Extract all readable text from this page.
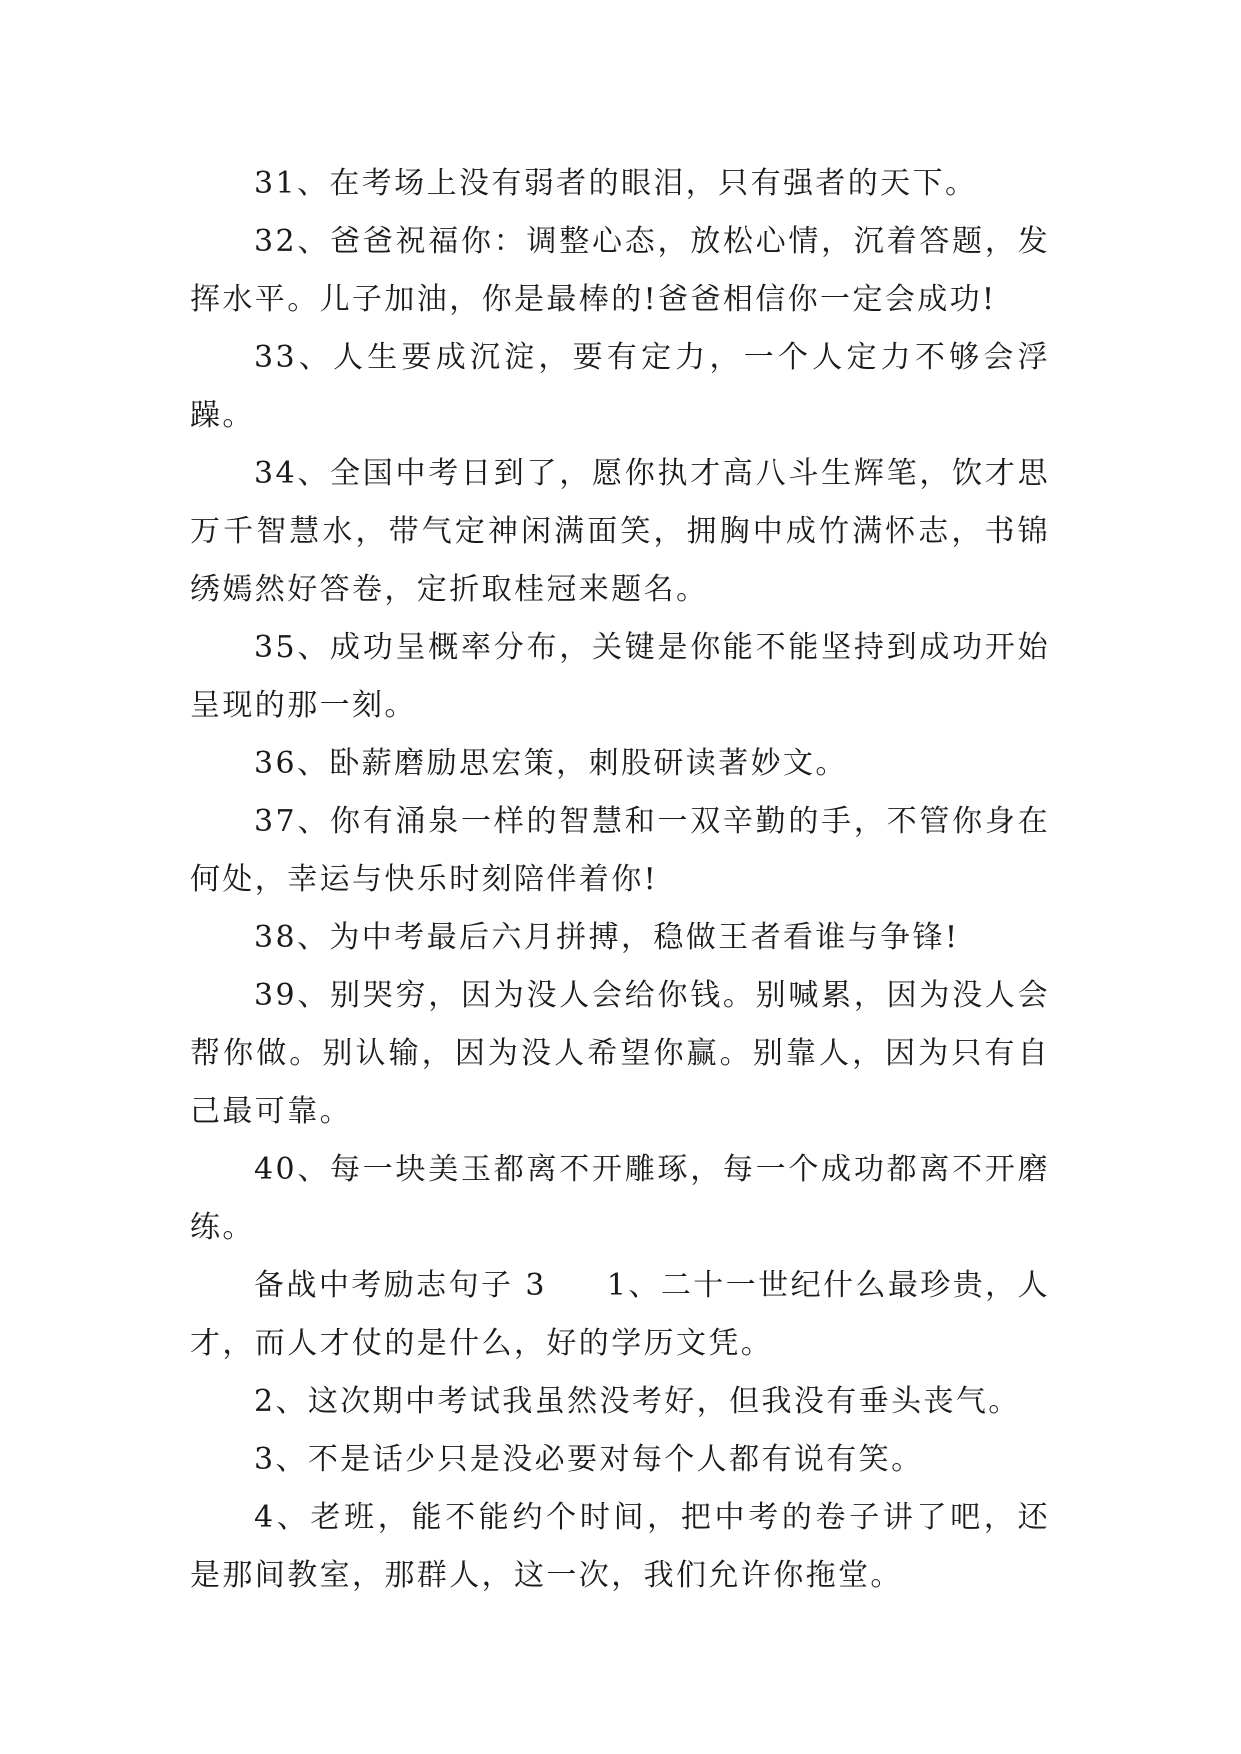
31、在考场上没有弱者的眼泪，只有强者的天下。

32、爸爸祝福你：调整心态，放松心情，沉着答题，发挥水平。儿子加油，你是最棒的!爸爸相信你一定会成功!

33、人生要成沉淀，要有定力，一个人定力不够会浮躁。

34、全国中考日到了，愿你执才高八斗生辉笔，饮才思万千智慧水，带气定神闲满面笑，拥胸中成竹满怀志，书锦绣嫣然好答卷，定折取桂冠来题名。

35、成功呈概率分布，关键是你能不能坚持到成功开始呈现的那一刻。

36、卧薪磨励思宏策，刺股研读著妙文。

37、你有涌泉一样的智慧和一双辛勤的手，不管你身在何处，幸运与快乐时刻陪伴着你!

38、为中考最后六月拼搏，稳做王者看谁与争锋!

39、别哭穷，因为没人会给你钱。别喊累，因为没人会帮你做。别认输，因为没人希望你赢。别靠人，因为只有自己最可靠。

40、每一块美玉都离不开雕琢，每一个成功都离不开磨练。

备战中考励志句子 3 1、二十一世纪什么最珍贵，人才，而人才仗的是什么，好的学历文凭。

2、这次期中考试我虽然没考好，但我没有垂头丧气。

3、不是话少只是没必要对每个人都有说有笑。

4、老班，能不能约个时间，把中考的卷子讲了吧，还是那间教室，那群人，这一次，我们允许你拖堂。
